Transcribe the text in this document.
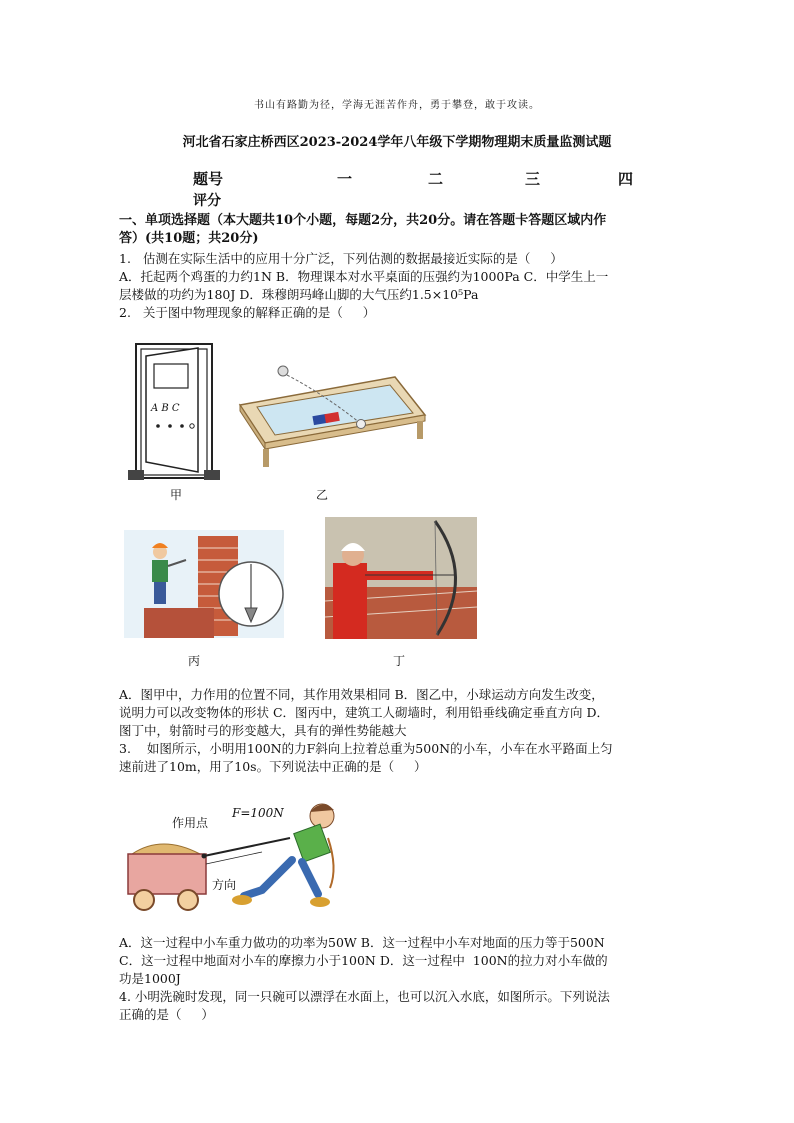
书山有路勤为径，学海无涯苦作舟，勇于攀登，敢于攻读。
河北省石家庄桥西区2023-2024学年八年级下学期物理期末质量监测试题
题号	一	二	三	四
评分
一、单项选择题（本大题共10个小题，每题2分，共20分。请在答题卡答题区域内作
答）(共10题；共20分)
1.   估测在实际生活中的应用十分广泛，下列估测的数据最接近实际的是（     ）
A．托起两个鸡蛋的力约1N B．物理课本对水平桌面的压强约为1000Pa C．中学生上一
层楼做的功约为180J D．珠穆朗玛峰山脚的大气压约1.5×10⁵Pa
2.   关于图中物理现象的解释正确的是（     ）
A B C
甲	乙
丙	丁
A．图甲中，力作用的位置不同，其作用效果相同 B．图乙中，小球运动方向发生改变，
说明力可以改变物体的形状 C．图丙中，建筑工人砌墙时，利用铅垂线确定垂直方向 D．
图丁中，射箭时弓的形变越大，具有的弹性势能越大
3.    如图所示，小明用100N的力F斜向上拉着总重为500N的小车，小车在水平路面上匀
速前进了10m，用了10s。下列说法中正确的是（     ）
作用点
F=100N
方向
A．这一过程中小车重力做功的功率为50W B．这一过程中小车对地面的压力等于500N
C．这一过程中地面对小车的摩擦力小于100N D．这一过程中  100N的拉力对小车做的
功是1000J
4. 小明洗碗时发现，同一只碗可以漂浮在水面上，也可以沉入水底，如图所示。下列说法
正确的是（     ）
